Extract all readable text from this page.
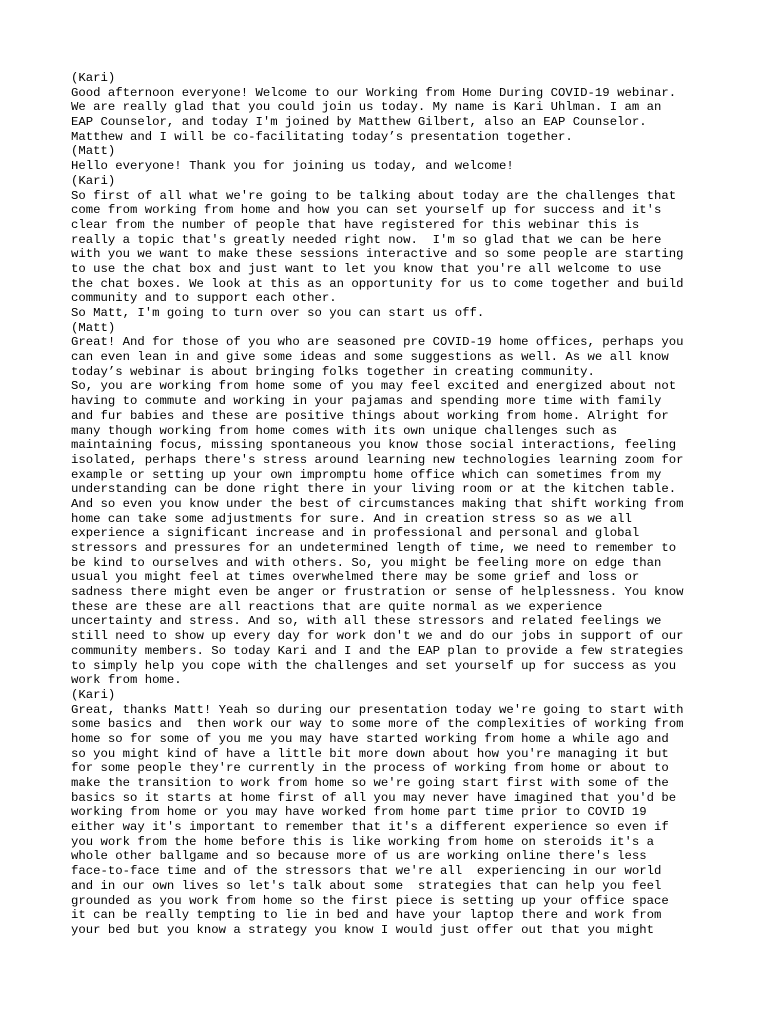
(Kari)
Good afternoon everyone! Welcome to our Working from Home During COVID-19 webinar.
We are really glad that you could join us today. My name is Kari Uhlman. I am an
EAP Counselor, and today I'm joined by Matthew Gilbert, also an EAP Counselor.
Matthew and I will be co-facilitating today’s presentation together.
(Matt)
Hello everyone! Thank you for joining us today, and welcome!
(Kari)
So first of all what we're going to be talking about today are the challenges that
come from working from home and how you can set yourself up for success and it's
clear from the number of people that have registered for this webinar this is
really a topic that's greatly needed right now.  I'm so glad that we can be here
with you we want to make these sessions interactive and so some people are starting
to use the chat box and just want to let you know that you're all welcome to use
the chat boxes. We look at this as an opportunity for us to come together and build
community and to support each other.
So Matt, I'm going to turn over so you can start us off.
(Matt)
Great! And for those of you who are seasoned pre COVID-19 home offices, perhaps you
can even lean in and give some ideas and some suggestions as well. As we all know
today’s webinar is about bringing folks together in creating community.
So, you are working from home some of you may feel excited and energized about not
having to commute and working in your pajamas and spending more time with family
and fur babies and these are positive things about working from home. Alright for
many though working from home comes with its own unique challenges such as
maintaining focus, missing spontaneous you know those social interactions, feeling
isolated, perhaps there's stress around learning new technologies learning zoom for
example or setting up your own impromptu home office which can sometimes from my
understanding can be done right there in your living room or at the kitchen table.
And so even you know under the best of circumstances making that shift working from
home can take some adjustments for sure. And in creation stress so as we all
experience a significant increase and in professional and personal and global
stressors and pressures for an undetermined length of time, we need to remember to
be kind to ourselves and with others. So, you might be feeling more on edge than
usual you might feel at times overwhelmed there may be some grief and loss or
sadness there might even be anger or frustration or sense of helplessness. You know
these are these are all reactions that are quite normal as we experience
uncertainty and stress. And so, with all these stressors and related feelings we
still need to show up every day for work don't we and do our jobs in support of our
community members. So today Kari and I and the EAP plan to provide a few strategies
to simply help you cope with the challenges and set yourself up for success as you
work from home.
(Kari)
Great, thanks Matt! Yeah so during our presentation today we're going to start with
some basics and  then work our way to some more of the complexities of working from
home so for some of you me you may have started working from home a while ago and
so you might kind of have a little bit more down about how you're managing it but
for some people they're currently in the process of working from home or about to
make the transition to work from home so we're going start first with some of the
basics so it starts at home first of all you may never have imagined that you'd be
working from home or you may have worked from home part time prior to COVID 19
either way it's important to remember that it's a different experience so even if
you work from the home before this is like working from home on steroids it's a
whole other ballgame and so because more of us are working online there's less
face-to-face time and of the stressors that we're all  experiencing in our world
and in our own lives so let's talk about some  strategies that can help you feel
grounded as you work from home so the first piece is setting up your office space
it can be really tempting to lie in bed and have your laptop there and work from
your bed but you know a strategy you know I would just offer out that you might
